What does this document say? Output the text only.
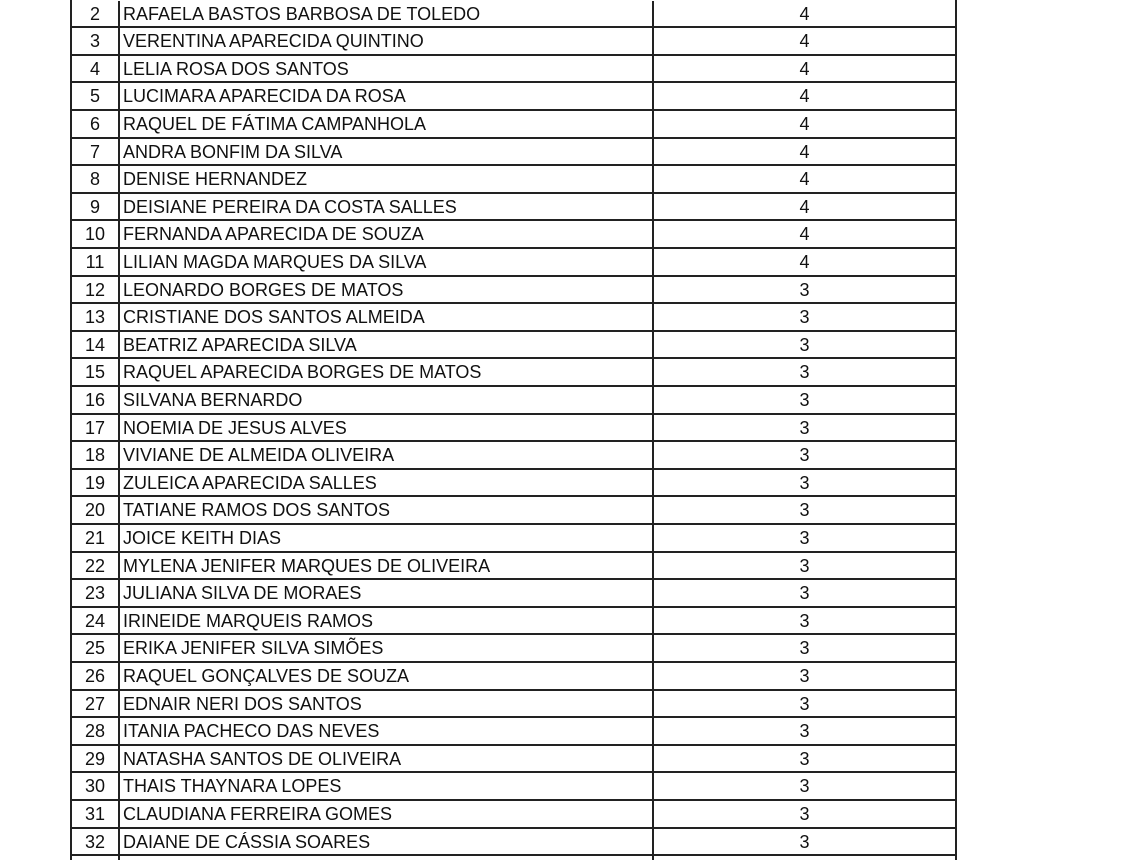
2	RAFAELA BASTOS BARBOSA DE TOLEDO	4
3	VERENTINA APARECIDA QUINTINO	4
4	LELIA ROSA DOS SANTOS	4
5	LUCIMARA APARECIDA DA ROSA	4
6	RAQUEL DE FÁTIMA CAMPANHOLA	4
7	ANDRA BONFIM DA SILVA	4
8	DENISE HERNANDEZ	4
9	DEISIANE PEREIRA DA COSTA SALLES	4
10 FERNANDA APARECIDA DE SOUZA	4
11	LILIAN MAGDA MARQUES DA SILVA	4
12 LEONARDO BORGES DE MATOS	3
13 CRISTIANE DOS SANTOS ALMEIDA	3
14 BEATRIZ APARECIDA SILVA	3
15 RAQUEL APARECIDA BORGES DE MATOS	3
16 SILVANA BERNARDO	3
17 NOEMIA DE JESUS ALVES	3
18 VIVIANE DE ALMEIDA OLIVEIRA	3
19 ZULEICA APARECIDA SALLES	3
20 TATIANE RAMOS DOS SANTOS	3
21 JOICE KEITH DIAS	3
22 MYLENA JENIFER MARQUES DE OLIVEIRA	3
23 JULIANA SILVA DE MORAES	3
24 IRINEIDE MARQUEIS RAMOS	3
25 ERIKA JENIFER SILVA SIMÕES	3
26 RAQUEL GONÇALVES DE SOUZA	3
27 EDNAIR NERI DOS SANTOS	3
28 ITANIA PACHECO DAS NEVES	3
29 NATASHA SANTOS DE OLIVEIRA	3
30 THAIS THAYNARA LOPES	3
31 CLAUDIANA FERREIRA GOMES	3
32 DAIANE DE CÁSSIA SOARES	3
